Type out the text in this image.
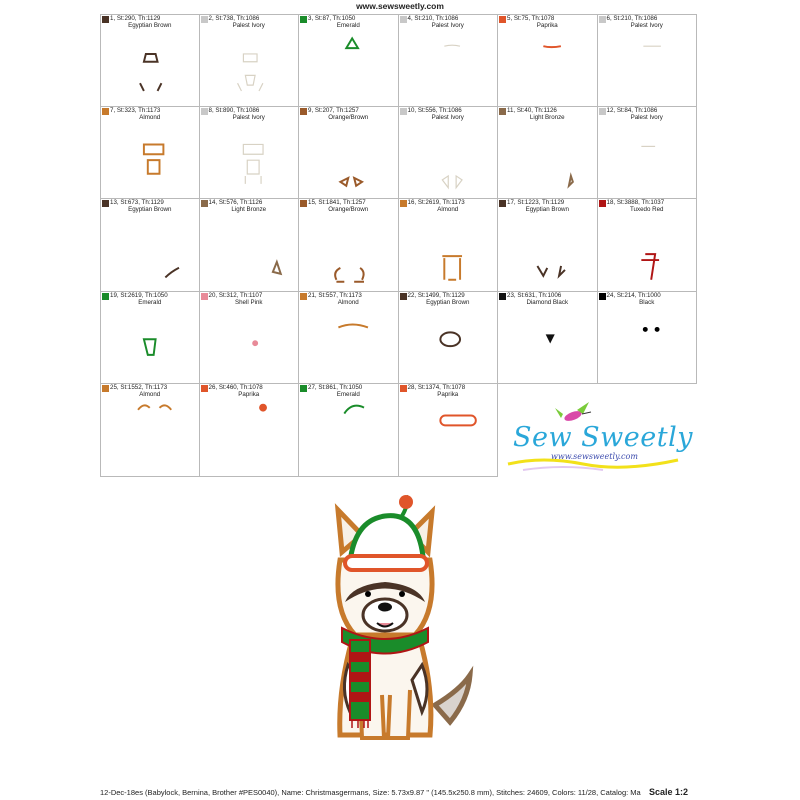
www.sewsweetly.com
1, St:290, Th:1129
Egyptian Brown
2, St:738, Th:1086
Palest Ivory
3, St:87, Th:1050
Emerald
4, St:210, Th:1086
Palest Ivory
5, St:75, Th:1078
Paprika
6, St:210, Th:1086
Palest Ivory
7, St:323, Th:1173
Almond
8, St:890, Th:1086
Palest Ivory
9, St:207, Th:1257
Orange/Brown
10, St:556, Th:1086
Palest Ivory
11, St:40, Th:1126
Light Bronze
12, St:84, Th:1086
Palest Ivory
13, St:673, Th:1129
Egyptian Brown
14, St:576, Th:1126
Light Bronze
15, St:1841, Th:1257
Orange/Brown
16, St:2619, Th:1173
Almond
17, St:1223, Th:1129
Egyptian Brown
18, St:3888, Th:1037
Tuxedo Red
19, St:2619, Th:1050
Emerald
20, St:312, Th:1107
Shell Pink
21, St:557, Th:1173
Almond
22, St:1499, Th:1129
Egyptian Brown
23, St:631, Th:1006
Diamond Black
24, St:214, Th:1000
Black
25, St:1552, Th:1173
Almond
26, St:460, Th:1078
Paprika
27, St:861, Th:1050
Emerald
28, St:1374, Th:1078
Paprika
Sew Sweetly
www.sewsweetly.com
12-Dec-18es (Babylock, Bernina, Brother #PES0040), Name: Christmasgermans, Size: 5.73x9.87 " (145.5x250.8 mm), Stitches: 24609, Colors: 11/28, Catalog: Ma Scale 1:2
